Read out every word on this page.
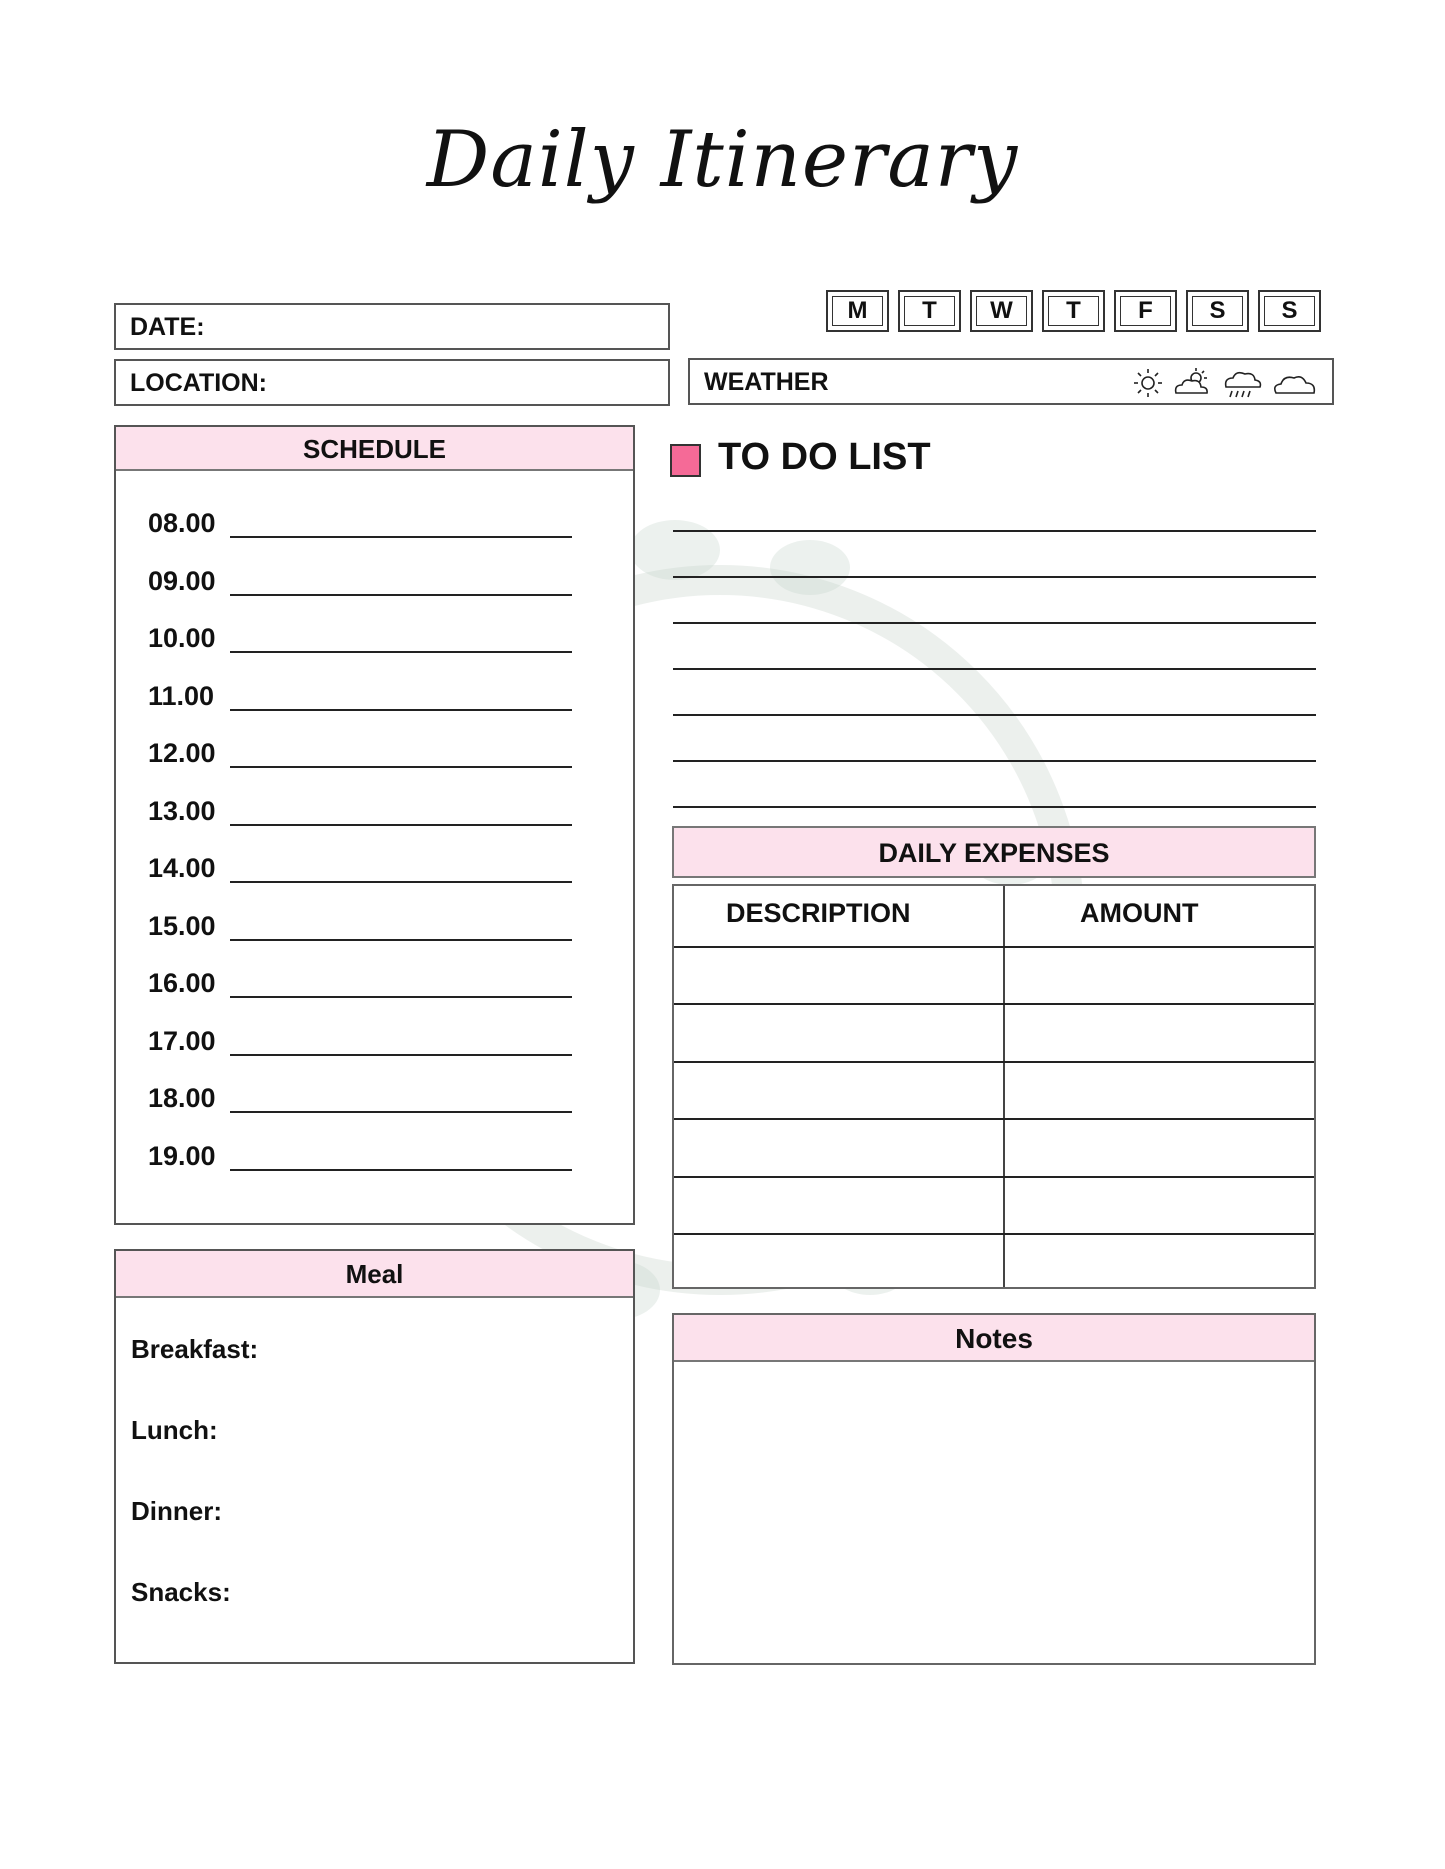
Daily Itinerary
DATE:
LOCATION:
M	T	W	T	F	S	S
WEATHER
SCHEDULE
08.00
09.00
10.00
11.00
12.00
13.00
14.00
15.00
16.00
17.00
18.00
19.00
TO DO LIST
DAILY EXPENSES
DESCRIPTION	AMOUNT
Meal
Breakfast:
Lunch:
Dinner:
Snacks:
Notes
